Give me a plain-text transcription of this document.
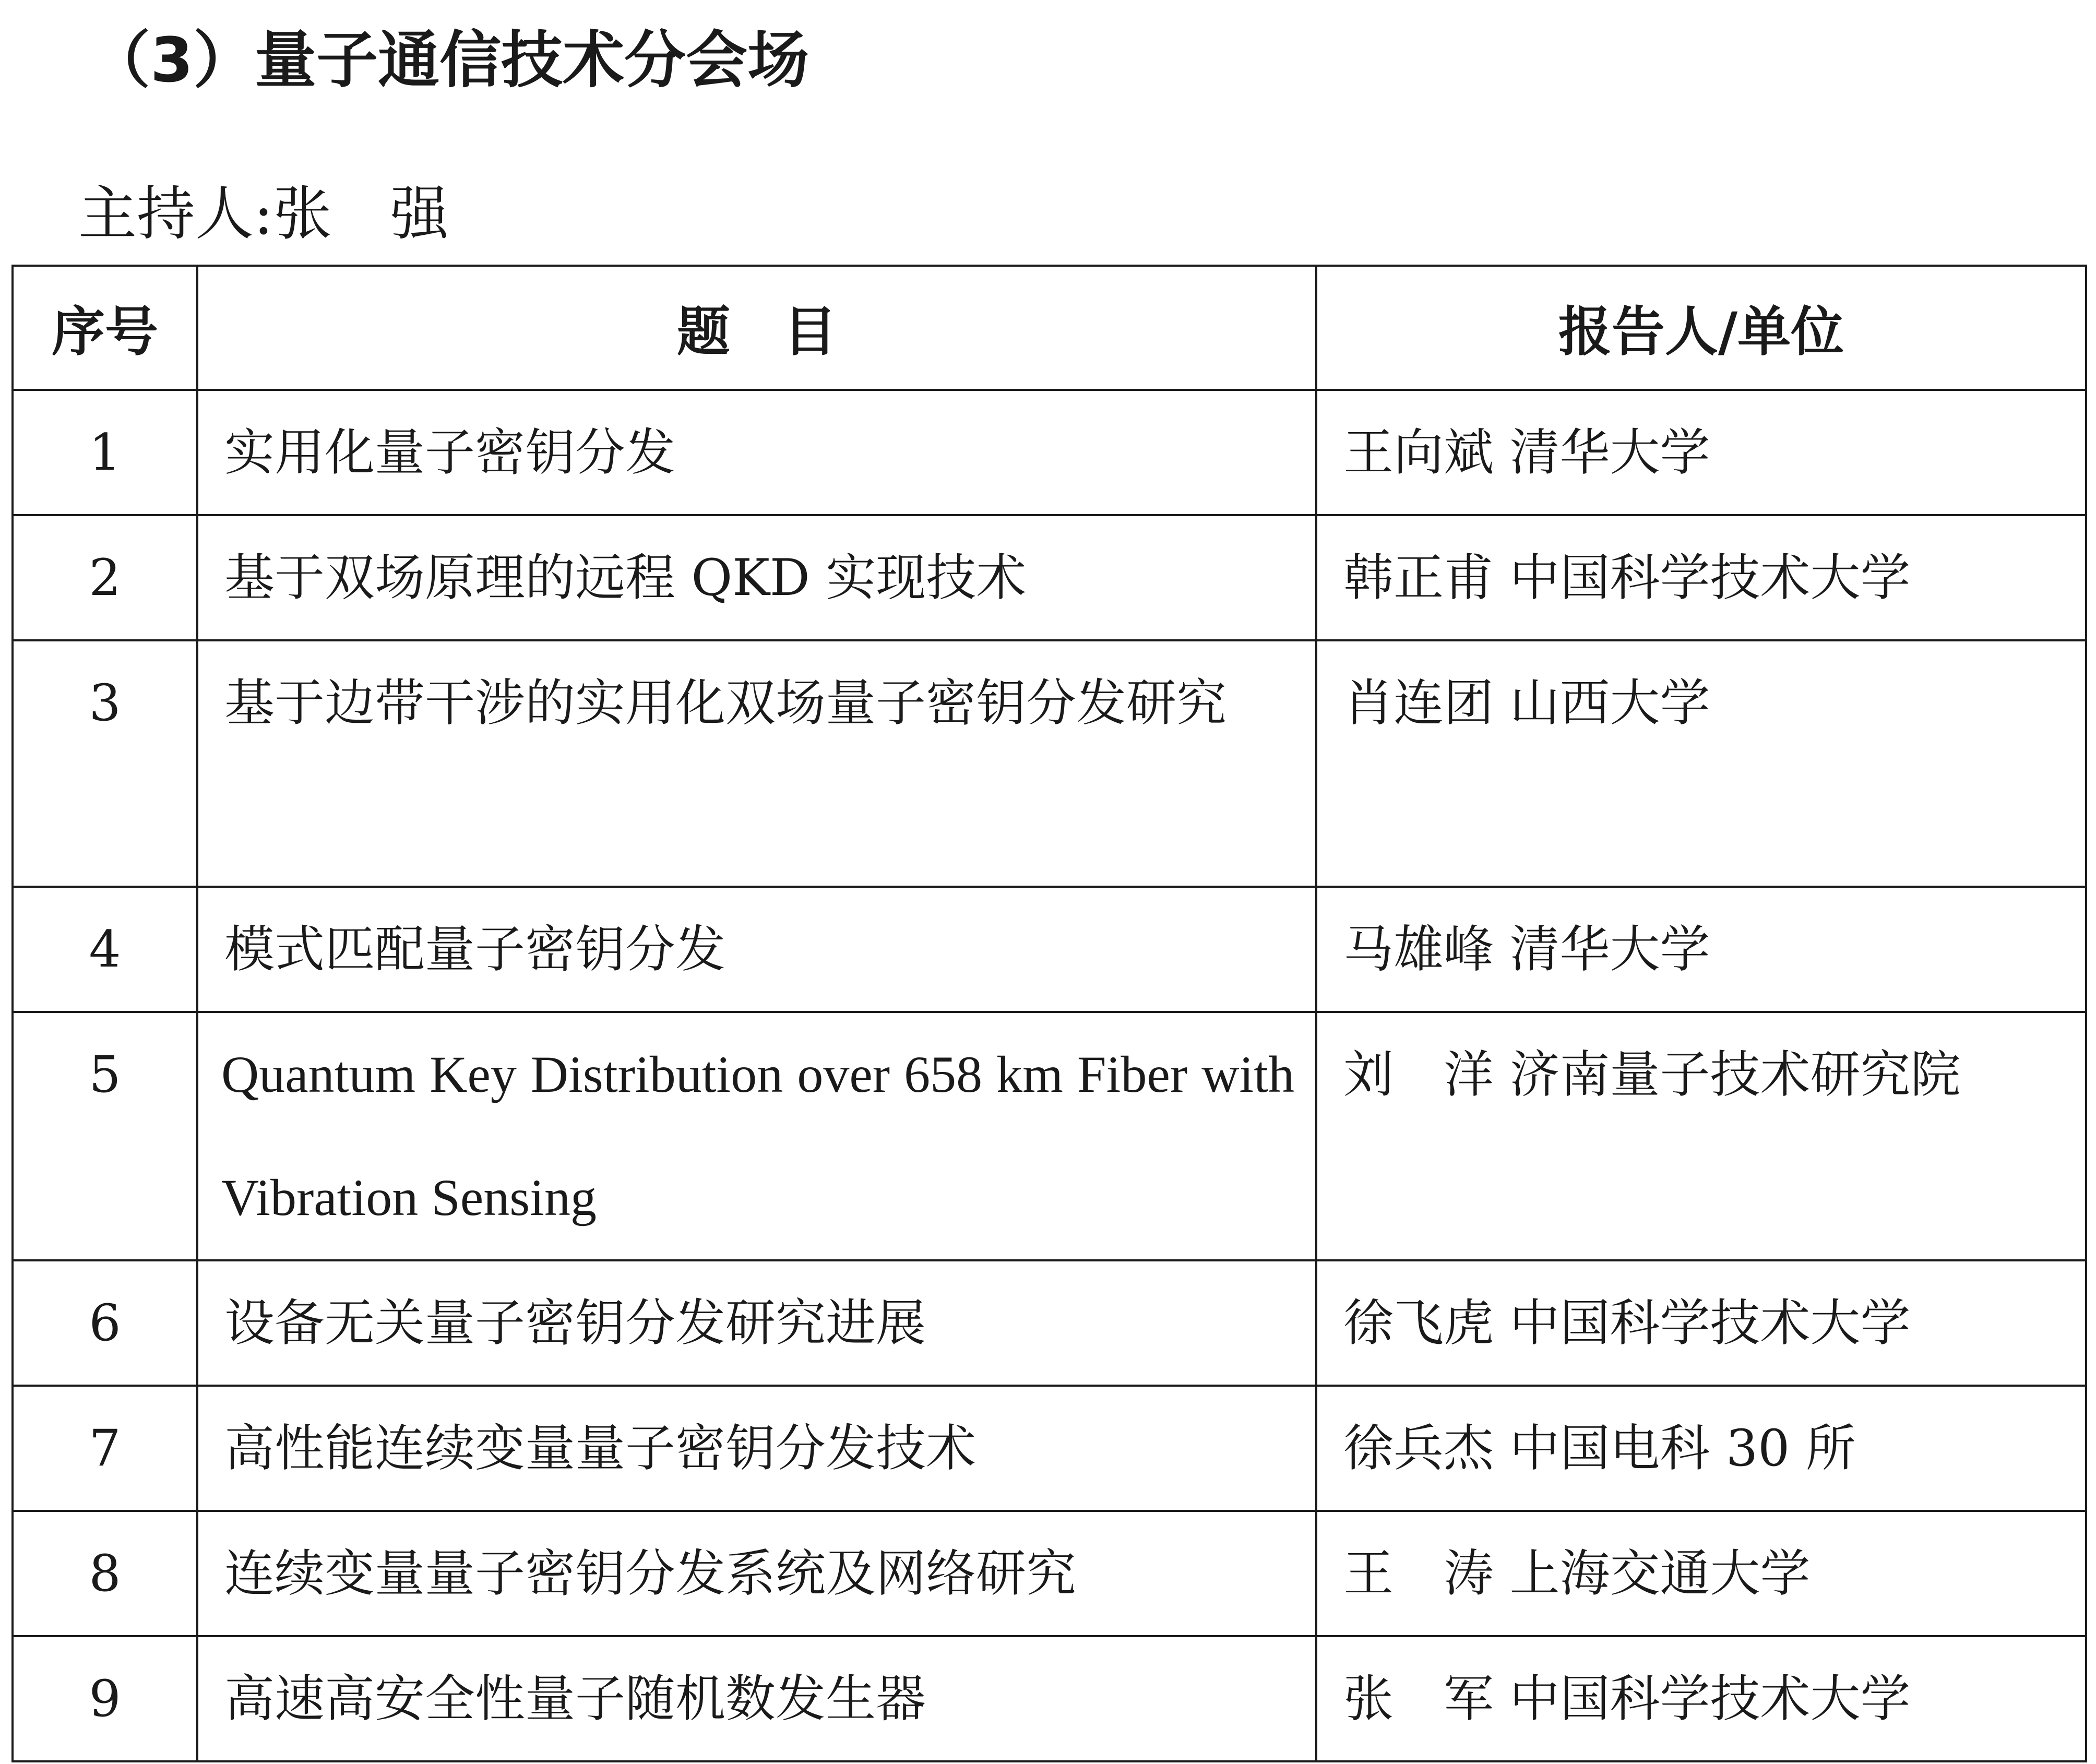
（3）量子通信技术分会场
主持人:张　强
序号	题　目	报告人/单位
1	实用化量子密钥分发	王向斌 清华大学
2	基于双场原理的远程 QKD 实现技术	韩正甫 中国科学技术大学
3	基于边带干涉的实用化双场量子密钥分发研究	肖连团 山西大学
4	模式匹配量子密钥分发	马雄峰 清华大学
5	Quantum Key Distribution over 658 km Fiber with Vibration Sensing	刘　洋 济南量子技术研究院
6	设备无关量子密钥分发研究进展	徐飞虎 中国科学技术大学
7	高性能连续变量量子密钥分发技术	徐兵杰 中国电科 30 所
8	连续变量量子密钥分发系统及网络研究	王　涛 上海交通大学
9	高速高安全性量子随机数发生器	张　军 中国科学技术大学
